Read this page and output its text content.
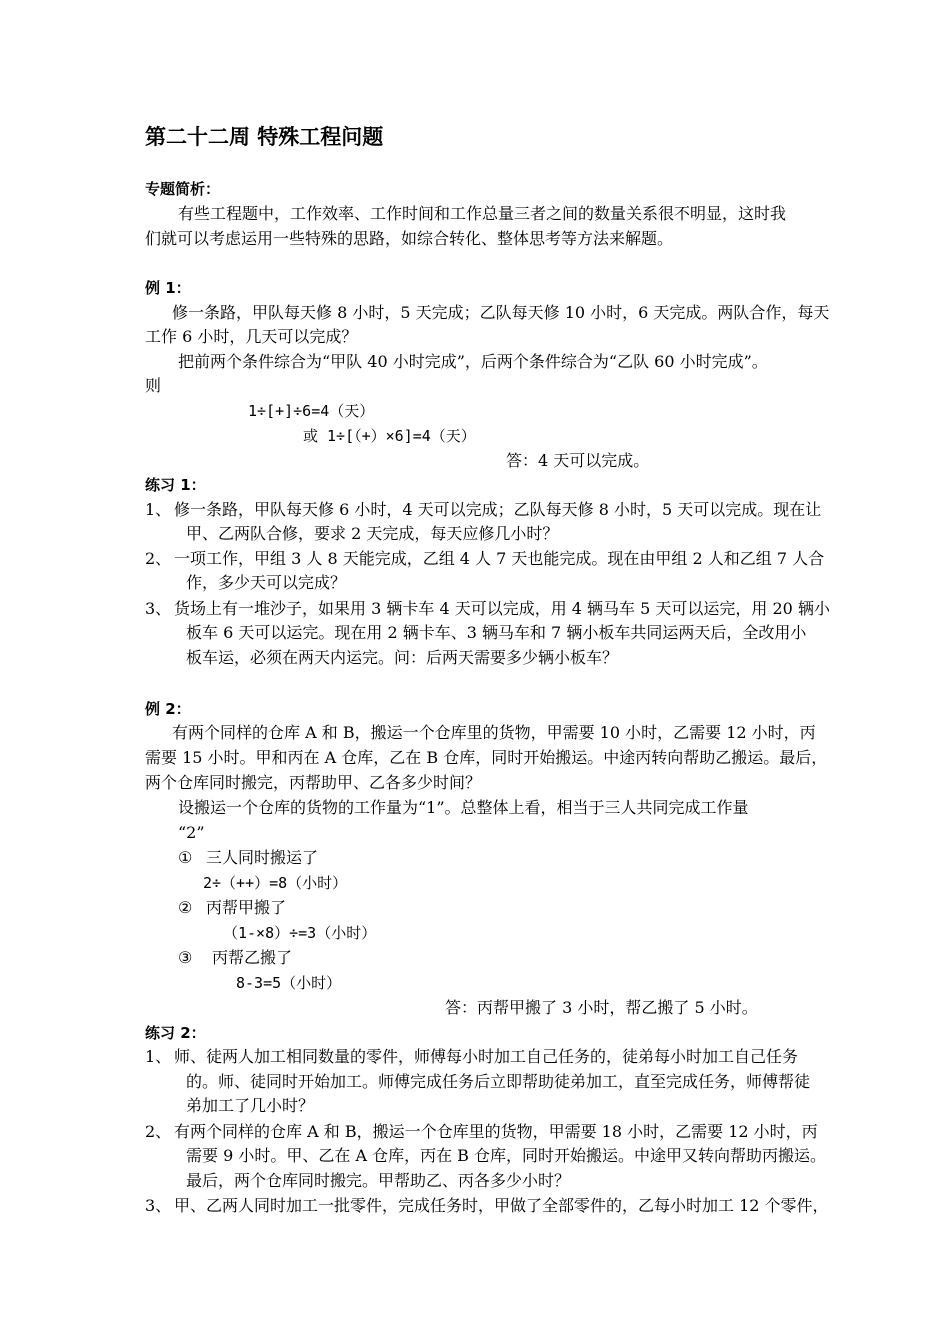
第二十二周 特殊工程问题
专题简析：
有些工程题中，工作效率、工作时间和工作总量三者之间的数量关系很不明显，这时我
们就可以考虑运用一些特殊的思路，如综合转化、整体思考等方法来解题。
例 1：
修一条路，甲队每天修 8 小时，5 天完成；乙队每天修 10 小时，6 天完成。两队合作，每天
工作 6 小时，几天可以完成？
把前两个条件综合为“甲队 40 小时完成”，后两个条件综合为“乙队 60 小时完成”。
则
1÷[+]÷6=4（天）
或 1÷[（+）×6]=4（天）
答：4 天可以完成。
练习 1：
1、 修一条路，甲队每天修 6 小时，4 天可以完成；乙队每天修 8 小时，5 天可以完成。现在让
甲、乙两队合修，要求 2 天完成，每天应修几小时？
2、 一项工作，甲组 3 人 8 天能完成，乙组 4 人 7 天也能完成。现在由甲组 2 人和乙组 7 人合
作，多少天可以完成？
3、 货场上有一堆沙子，如果用 3 辆卡车 4 天可以完成，用 4 辆马车 5 天可以运完，用 20 辆小
板车 6 天可以运完。现在用 2 辆卡车、3 辆马车和 7 辆小板车共同运两天后，全改用小
板车运，必须在两天内运完。问：后两天需要多少辆小板车？
例 2：
有两个同样的仓库 A 和 B，搬运一个仓库里的货物，甲需要 10 小时，乙需要 12 小时，丙
需要 15 小时。甲和丙在 A 仓库，乙在 B 仓库，同时开始搬运。中途丙转向帮助乙搬运。最后，
两个仓库同时搬完，丙帮助甲、乙各多少时间？
设搬运一个仓库的货物的工作量为“1”。总整体上看，相当于三人共同完成工作量
“2”
① 三人同时搬运了
2÷（++）=8（小时）
② 丙帮甲搬了
（1-×8）÷=3（小时）
③ 丙帮乙搬了
8-3=5（小时）
答：丙帮甲搬了 3 小时，帮乙搬了 5 小时。
练习 2：
1、 师、徒两人加工相同数量的零件，师傅每小时加工自己任务的，徒弟每小时加工自己任务
的。师、徒同时开始加工。师傅完成任务后立即帮助徒弟加工，直至完成任务，师傅帮徒
弟加工了几小时？
2、 有两个同样的仓库 A 和 B，搬运一个仓库里的货物，甲需要 18 小时，乙需要 12 小时，丙
需要 9 小时。甲、乙在 A 仓库，丙在 B 仓库，同时开始搬运。中途甲又转向帮助丙搬运。
最后，两个仓库同时搬完。甲帮助乙、丙各多少小时？
3、 甲、乙两人同时加工一批零件，完成任务时，甲做了全部零件的，乙每小时加工 12 个零件，
